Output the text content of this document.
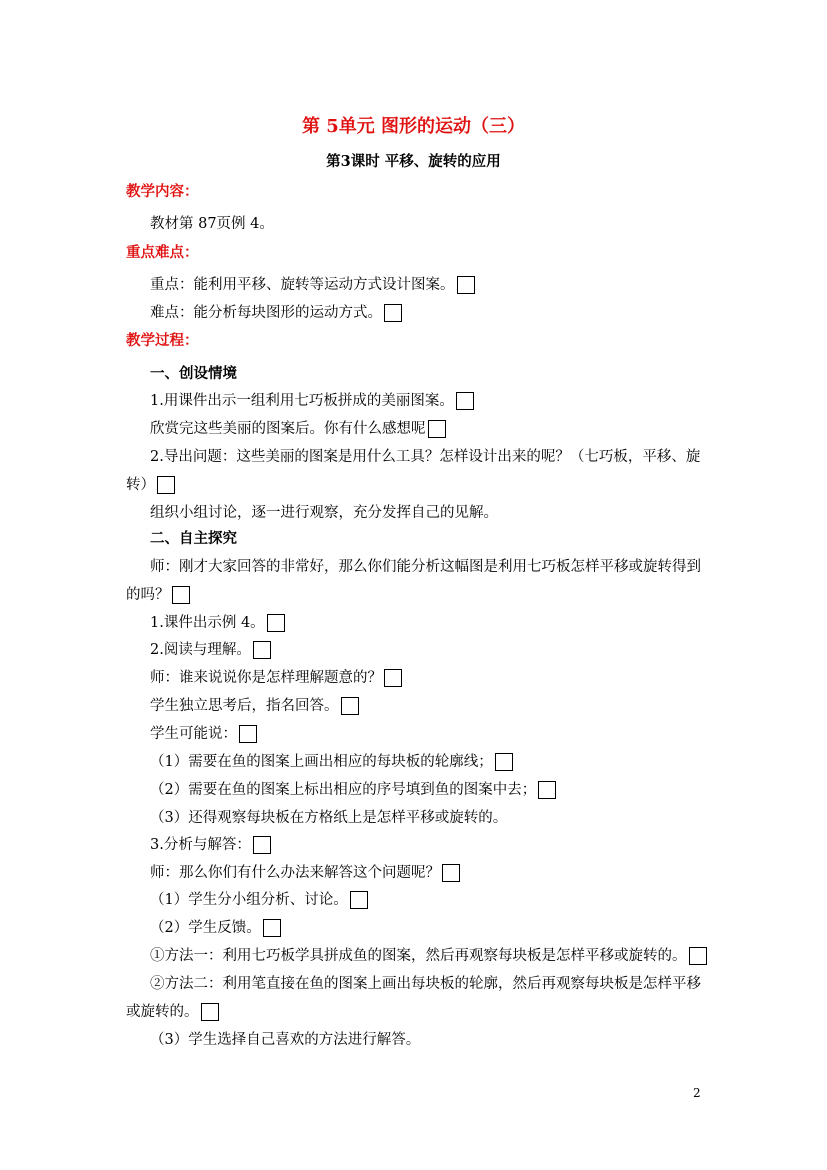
第 5单元 图形的运动（三）
第3课时 平移、旋转的应用
教学内容：
教材第 87页例 4。
重点难点：
重点：能利用平移、旋转等运动方式设计图案。
难点：能分析每块图形的运动方式。
教学过程：
一、创设情境
1.用课件出示一组利用七巧板拼成的美丽图案。
欣赏完这些美丽的图案后。你有什么感想呢
2.导出问题：这些美丽的图案是用什么工具？怎样设计出来的呢？（七巧板，平移、旋
转）
组织小组讨论，逐一进行观察，充分发挥自己的见解。
二、自主探究
师：刚才大家回答的非常好，那么你们能分析这幅图是利用七巧板怎样平移或旋转得到
的吗？
1.课件出示例 4。
2.阅读与理解。
师：谁来说说你是怎样理解题意的？
学生独立思考后，指名回答。
学生可能说：
（1）需要在鱼的图案上画出相应的每块板的轮廓线；
（2）需要在鱼的图案上标出相应的序号填到鱼的图案中去；
（3）还得观察每块板在方格纸上是怎样平移或旋转的。
3.分析与解答：
师：那么你们有什么办法来解答这个问题呢？
（1）学生分小组分析、讨论。
（2）学生反馈。
①方法一：利用七巧板学具拼成鱼的图案，然后再观察每块板是怎样平移或旋转的。
②方法二：利用笔直接在鱼的图案上画出每块板的轮廓，然后再观察每块板是怎样平移
或旋转的。
（3）学生选择自己喜欢的方法进行解答。
2
